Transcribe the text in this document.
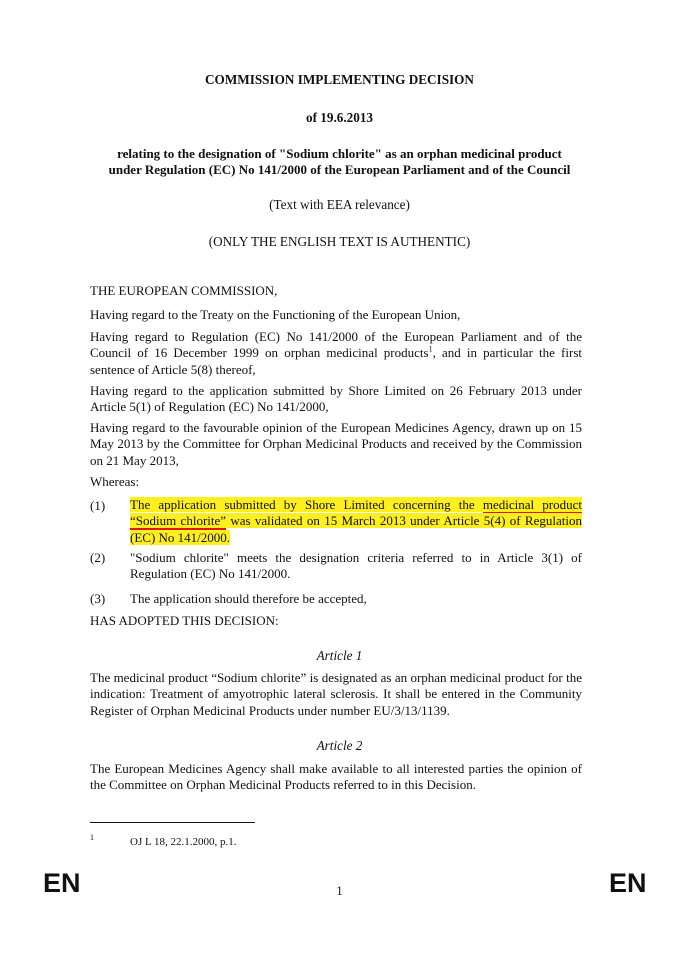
COMMISSION IMPLEMENTING DECISION
of 19.6.2013
relating to the designation of "Sodium chlorite" as an orphan medicinal product
under Regulation (EC) No 141/2000 of the European Parliament and of the Council
(Text with EEA relevance)
(ONLY THE ENGLISH TEXT IS AUTHENTIC)
THE EUROPEAN COMMISSION,
Having regard to the Treaty on the Functioning of the European Union,
Having regard to Regulation (EC) No 141/2000 of the European Parliament and of the Council of 16 December 1999 on orphan medicinal products$^1$, and in particular the first sentence of Article 5(8) thereof,
Having regard to the application submitted by Shore Limited on 26 February 2013 under Article 5(1) of Regulation (EC) No 141/2000,
Having regard to the favourable opinion of the European Medicines Agency, drawn up on 15 May 2013 by the Committee for Orphan Medicinal Products and received by the Commission on 21 May 2013,
Whereas:
(1) The application submitted by Shore Limited concerning the medicinal product “Sodium chlorite” was validated on 15 March 2013 under Article 5(4) of Regulation (EC) No 141/2000.
(2) "Sodium chlorite" meets the designation criteria referred to in Article 3(1) of Regulation (EC) No 141/2000.
(3) The application should therefore be accepted,
HAS ADOPTED THIS DECISION:
Article 1
The medicinal product “Sodium chlorite” is designated as an orphan medicinal product for the indication: Treatment of amyotrophic lateral sclerosis. It shall be entered in the Community Register of Orphan Medicinal Products under number EU/3/13/1139.
Article 2
The European Medicines Agency shall make available to all interested parties the opinion of the Committee on Orphan Medicinal Products referred to in this Decision.
1	OJ L 18, 22.1.2000, p.1.
EN	1	EN
